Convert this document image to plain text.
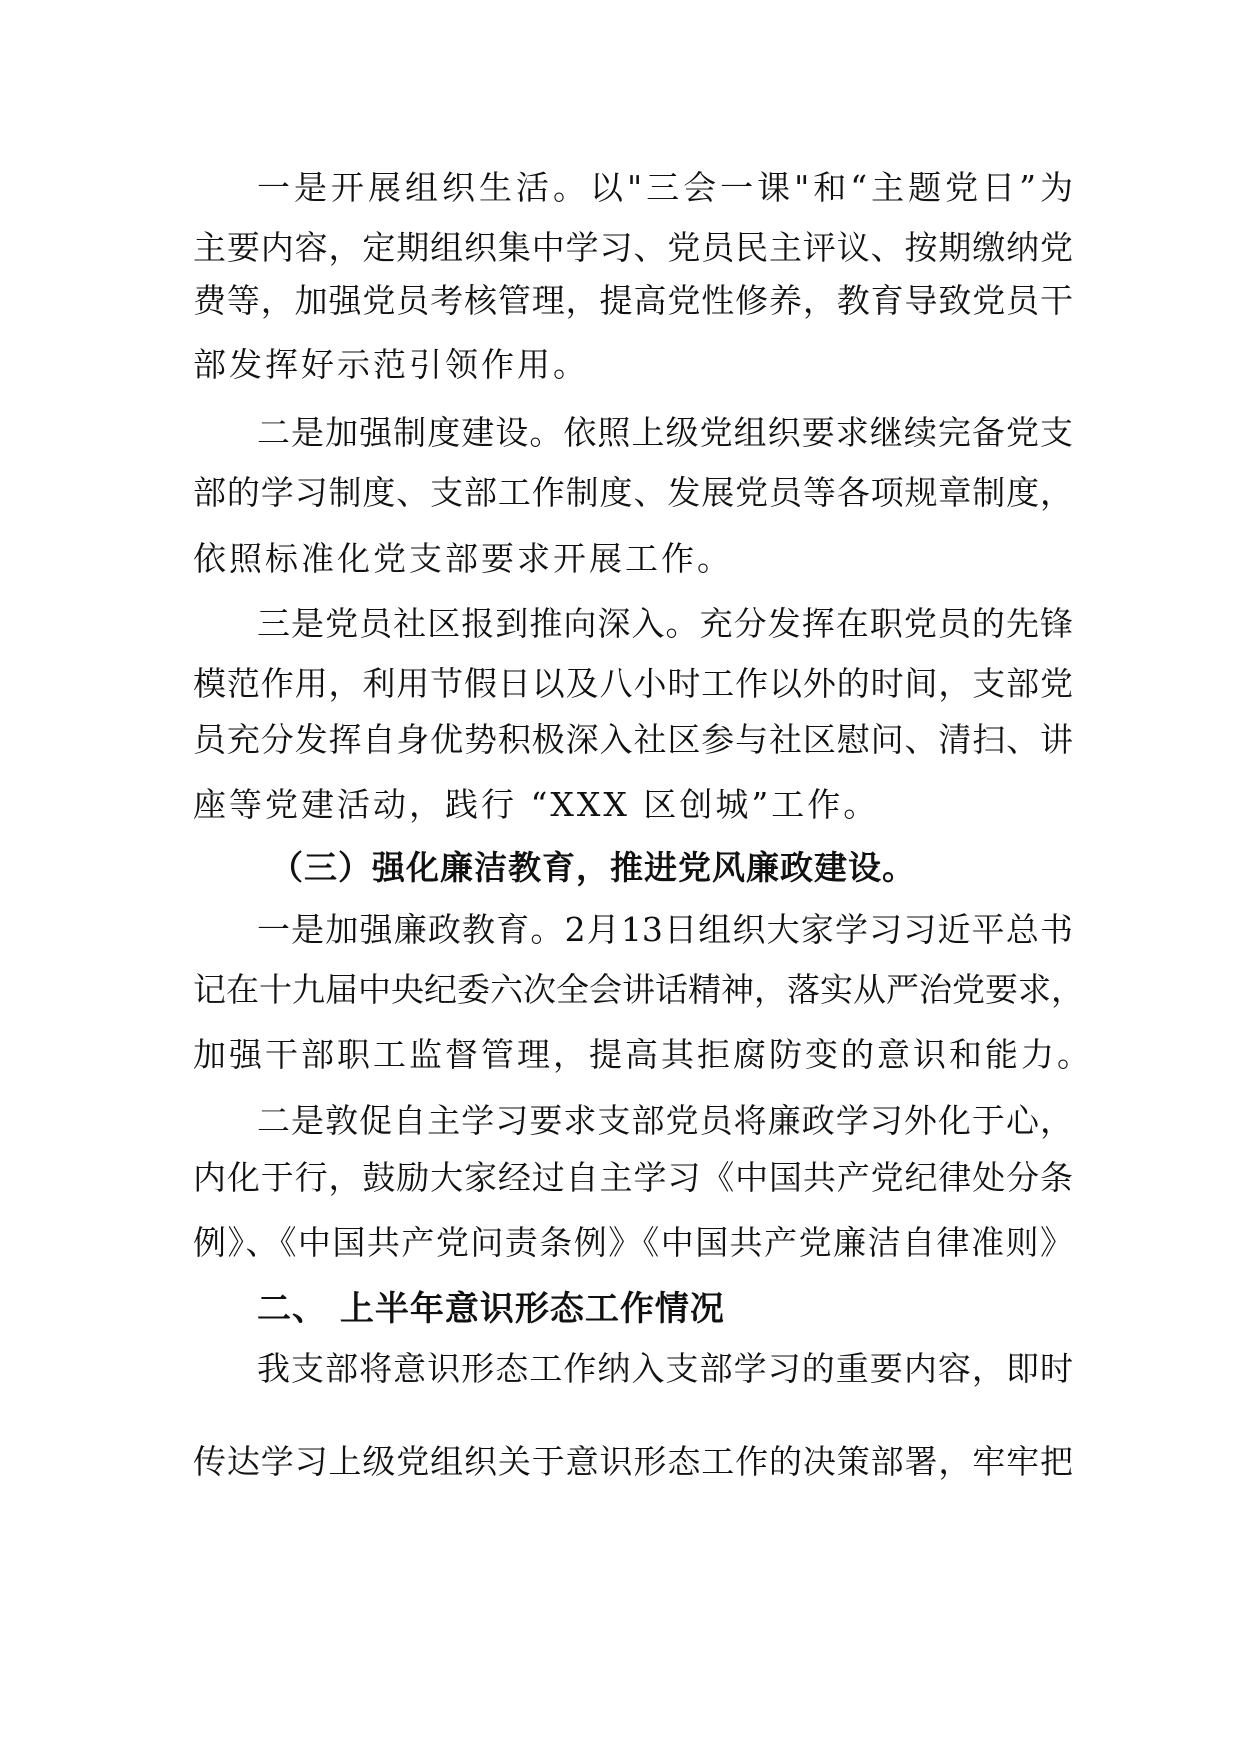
一是开展组织生活。以"三会一课"和“主题党日”为

主要内容，定期组织集中学习、党员民主评议、按期缴纳党

费等，加强党员考核管理，提高党性修养，教育导致党员干

部发挥好示范引领作用。

二是加强制度建设。依照上级党组织要求继续完备党支

部的学习制度、支部工作制度、发展党员等各项规章制度，

依照标准化党支部要求开展工作。

三是党员社区报到推向深入。充分发挥在职党员的先锋

模范作用，利用节假日以及八小时工作以外的时间，支部党

员充分发挥自身优势积极深入社区参与社区慰问、清扫、讲

座等党建活动，践行 “XXX 区创城”工作。

（三）强化廉洁教育，推进党风廉政建设。

一是加强廉政教育。2月13日组织大家学习习近平总书

记在十九届中央纪委六次全会讲话精神，落实从严治党要求，

加强干部职工监督管理，提高其拒腐防变的意识和能力。

二是敦促自主学习要求支部党员将廉政学习外化于心，

内化于行，鼓励大家经过自主学习《中国共产党纪律处分条

例》、《中国共产党问责条例》《中国共产党廉洁自律准则》

二、 上半年意识形态工作情况

我支部将意识形态工作纳入支部学习的重要内容，即时

传达学习上级党组织关于意识形态工作的决策部署，牢牢把
